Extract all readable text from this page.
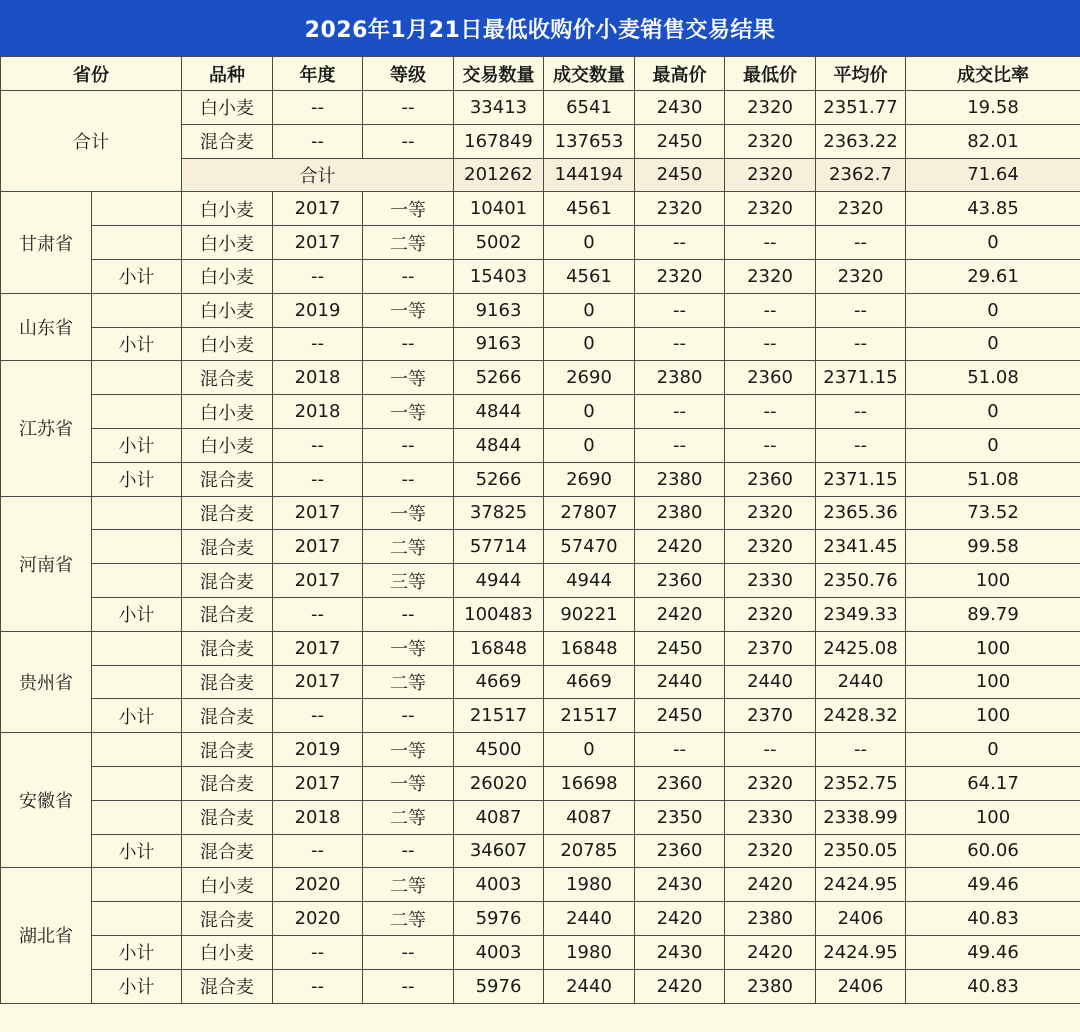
2026年1月21日最低收购价小麦销售交易结果
省份		品种	年度	等级	交易数量	成交数量	最高价	最低价	平均价	成交比率
合计		白小麦	--	--	33413	6541	2430	2320	2351.77	19.58
		混合麦	--	--	167849	137653	2450	2320	2363.22	82.01
		合计			201262	144194	2450	2320	2362.7	71.64
甘肃省		白小麦	2017	一等	10401	4561	2320	2320	2320	43.85
		白小麦	2017	二等	5002	0	--	--	--	0
	小计	白小麦	--	--	15403	4561	2320	2320	2320	29.61
山东省		白小麦	2019	一等	9163	0	--	--	--	0
	小计	白小麦	--	--	9163	0	--	--	--	0
江苏省		混合麦	2018	一等	5266	2690	2380	2360	2371.15	51.08
		白小麦	2018	一等	4844	0	--	--	--	0
	小计	白小麦	--	--	4844	0	--	--	--	0
	小计	混合麦	--	--	5266	2690	2380	2360	2371.15	51.08
河南省		混合麦	2017	一等	37825	27807	2380	2320	2365.36	73.52
		混合麦	2017	二等	57714	57470	2420	2320	2341.45	99.58
		混合麦	2017	三等	4944	4944	2360	2330	2350.76	100
	小计	混合麦	--	--	100483	90221	2420	2320	2349.33	89.79
贵州省		混合麦	2017	一等	16848	16848	2450	2370	2425.08	100
		混合麦	2017	二等	4669	4669	2440	2440	2440	100
	小计	混合麦	--	--	21517	21517	2450	2370	2428.32	100
安徽省		混合麦	2019	一等	4500	0	--	--	--	0
		混合麦	2017	一等	26020	16698	2360	2320	2352.75	64.17
		混合麦	2018	二等	4087	4087	2350	2330	2338.99	100
	小计	混合麦	--	--	34607	20785	2360	2320	2350.05	60.06
湖北省		白小麦	2020	二等	4003	1980	2430	2420	2424.95	49.46
		混合麦	2020	二等	5976	2440	2420	2380	2406	40.83
	小计	白小麦	--	--	4003	1980	2430	2420	2424.95	49.46
	小计	混合麦	--	--	5976	2440	2420	2380	2406	40.83
